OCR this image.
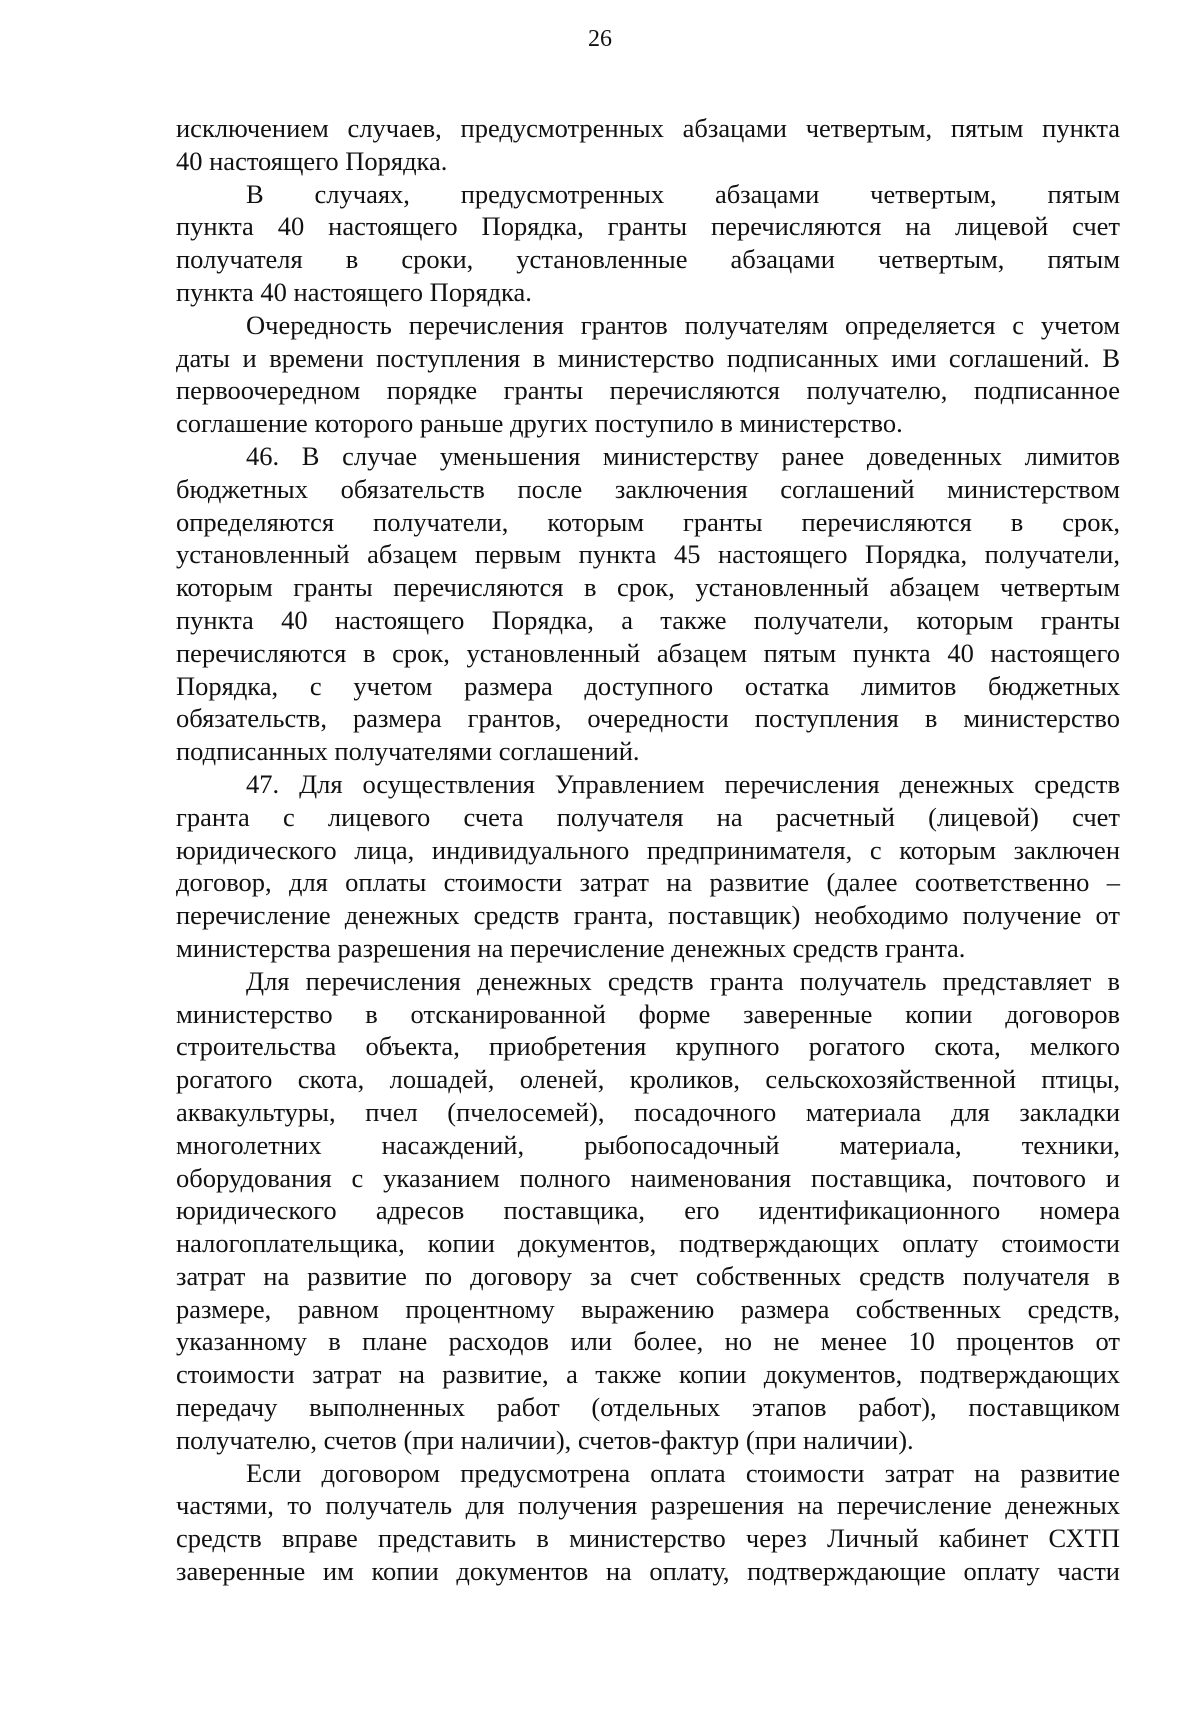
26
исключением случаев, предусмотренных абзацами четвертым, пятым пункта
40 настоящего Порядка.
В случаях, предусмотренных абзацами четвертым, пятым
пункта 40 настоящего Порядка, гранты перечисляются на лицевой счет
получателя в сроки, установленные абзацами четвертым, пятым
пункта 40 настоящего Порядка.
Очередность перечисления грантов получателям определяется с учетом
даты и времени поступления в министерство подписанных ими соглашений. В
первоочередном порядке гранты перечисляются получателю, подписанное
соглашение которого раньше других поступило в министерство.
46. В случае уменьшения министерству ранее доведенных лимитов
бюджетных обязательств после заключения соглашений министерством
определяются получатели, которым гранты перечисляются в срок,
установленный абзацем первым пункта 45 настоящего Порядка, получатели,
которым гранты перечисляются в срок, установленный абзацем четвертым
пункта 40 настоящего Порядка, а также получатели, которым гранты
перечисляются в срок, установленный абзацем пятым пункта 40 настоящего
Порядка, с учетом размера доступного остатка лимитов бюджетных
обязательств, размера грантов, очередности поступления в министерство
подписанных получателями соглашений.
47. Для осуществления Управлением перечисления денежных средств
гранта с лицевого счета получателя на расчетный (лицевой) счет
юридического лица, индивидуального предпринимателя, с которым заключен
договор, для оплаты стоимости затрат на развитие (далее соответственно –
перечисление денежных средств гранта, поставщик) необходимо получение от
министерства разрешения на перечисление денежных средств гранта.
Для перечисления денежных средств гранта получатель представляет в
министерство в отсканированной форме заверенные копии договоров
строительства объекта, приобретения крупного рогатого скота, мелкого
рогатого скота, лошадей, оленей, кроликов, сельскохозяйственной птицы,
аквакультуры, пчел (пчелосемей), посадочного материала для закладки
многолетних насаждений, рыбопосадочный материала, техники,
оборудования с указанием полного наименования поставщика, почтового и
юридического адресов поставщика, его идентификационного номера
налогоплательщика, копии документов, подтверждающих оплату стоимости
затрат на развитие по договору за счет собственных средств получателя в
размере, равном процентному выражению размера собственных средств,
указанному в плане расходов или более, но не менее 10 процентов от
стоимости затрат на развитие, а также копии документов, подтверждающих
передачу выполненных работ (отдельных этапов работ), поставщиком
получателю, счетов (при наличии), счетов-фактур (при наличии).
Если договором предусмотрена оплата стоимости затрат на развитие
частями, то получатель для получения разрешения на перечисление денежных
средств вправе представить в министерство через Личный кабинет СХТП
заверенные им копии документов на оплату, подтверждающие оплату части
